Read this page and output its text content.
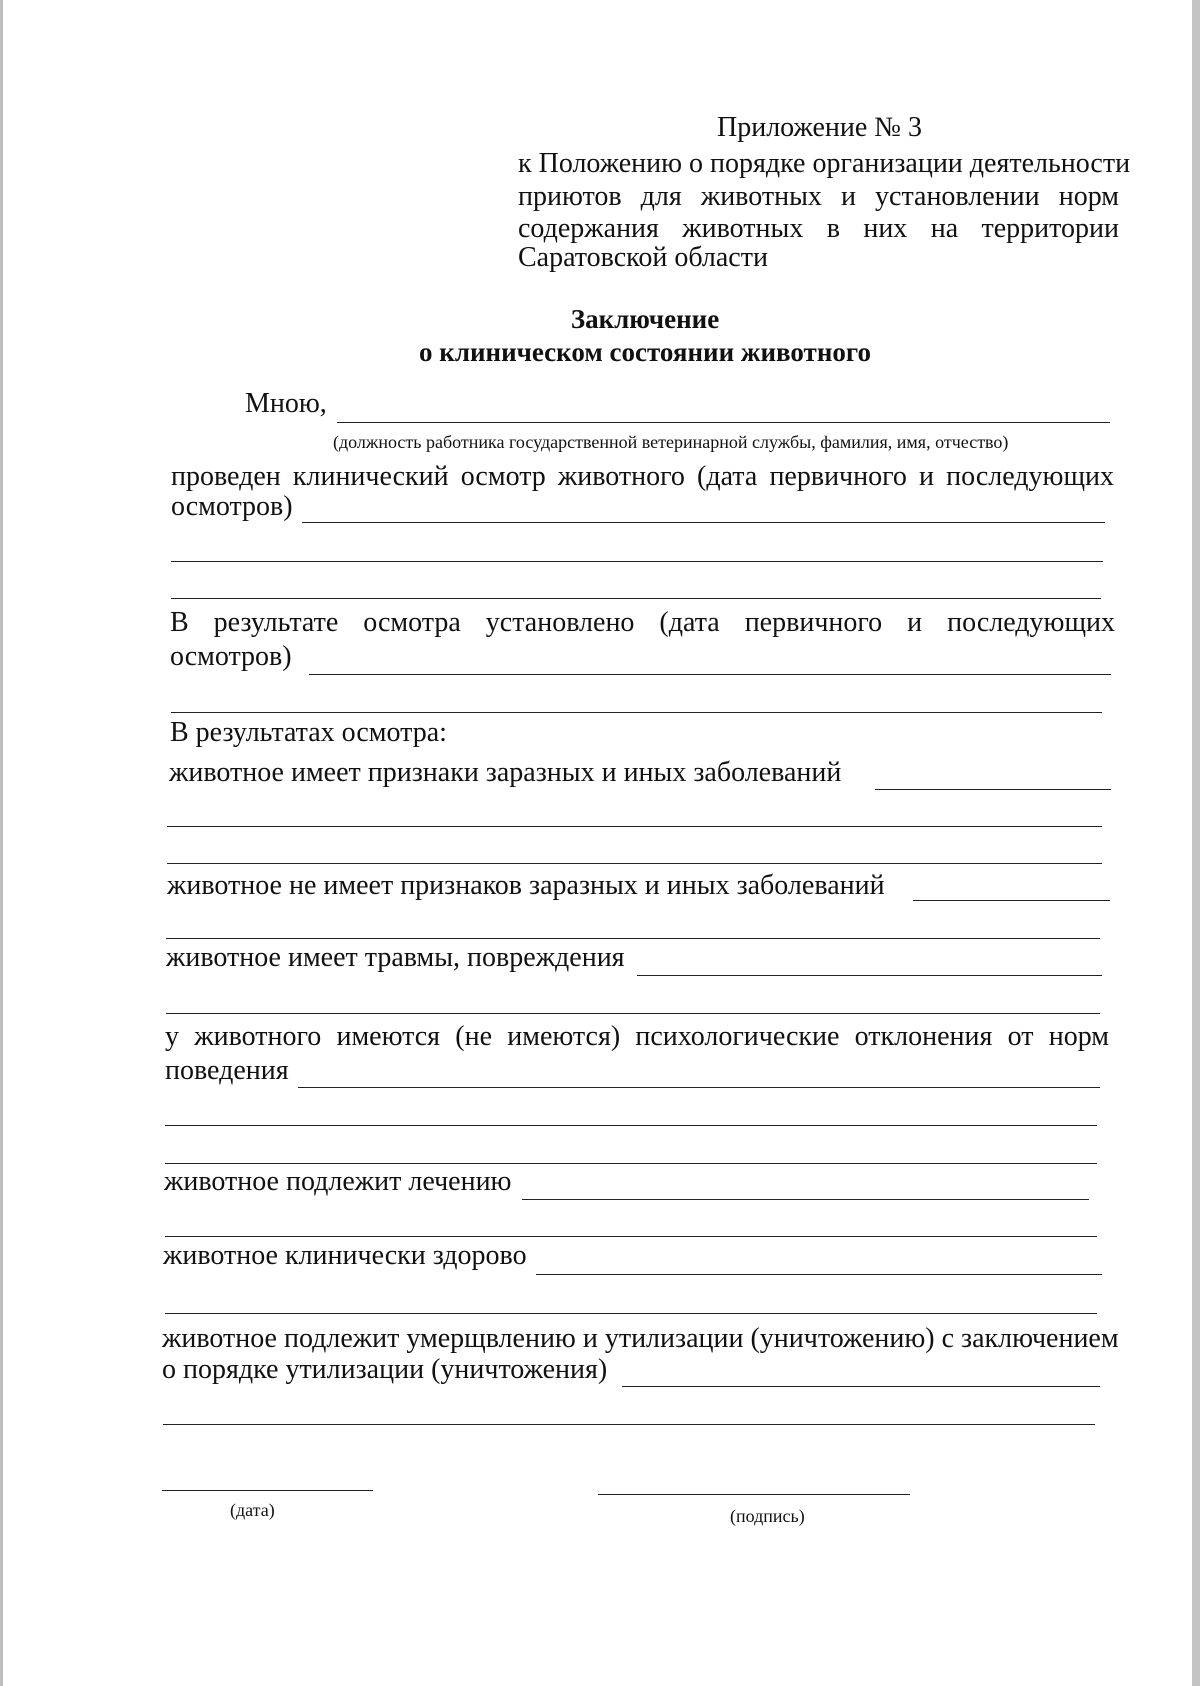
Приложение № 3
к Положению о порядке организации деятельности
приютов для животных и установлении норм
содержания животных в них на территории
Саратовской области
Заключение
о клиническом состоянии животного
Мною,
(должность работника государственной ветеринарной службы, фамилия, имя, отчество)
проведен клинический осмотр животного (дата первичного и последующих
осмотров)
В результате осмотра установлено (дата первичного и последующих
осмотров)
В результатах осмотра:
животное имеет признаки заразных и иных заболеваний
животное не имеет признаков заразных и иных заболеваний
животное имеет травмы, повреждения
у животного имеются (не имеются) психологические отклонения от норм
поведения
животное подлежит лечению
животное клинически здорово
животное подлежит умерщвлению и утилизации (уничтожению) с заключением
о порядке утилизации (уничтожения)
(дата)	(подпись)
